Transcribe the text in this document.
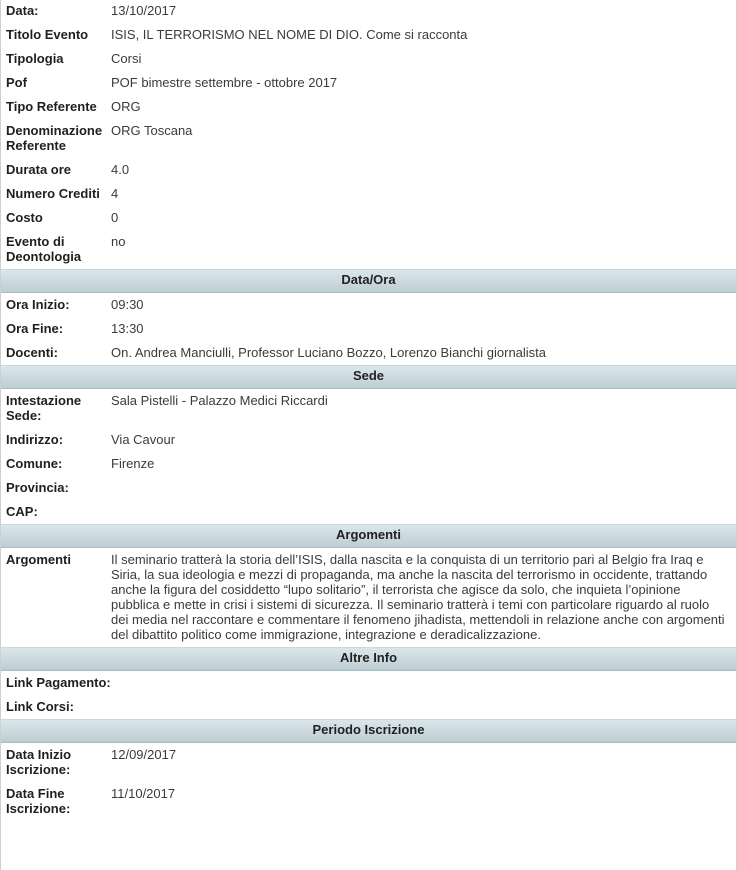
Data:	13/10/2017
Titolo Evento	ISIS, IL TERRORISMO NEL NOME DI DIO. Come si racconta
Tipologia	Corsi
Pof	POF bimestre settembre - ottobre 2017
Tipo Referente	ORG
Denominazione Referente	ORG Toscana
Durata ore	4.0
Numero Crediti	4
Costo	0
Evento di Deontologia	no
Data/Ora	
Ora Inizio:	09:30
Ora Fine:	13:30
Docenti:	On. Andrea Manciulli, Professor Luciano Bozzo, Lorenzo Bianchi giornalista
Sede	
Intestazione Sede:	Sala Pistelli - Palazzo Medici Riccardi
Indirizzo:	Via Cavour
Comune:	Firenze
Provincia:	
CAP:	
Argomenti	
Argomenti	Il seminario tratterà la storia dell’ISIS, dalla nascita e la conquista di un territorio pari al Belgio fra Iraq e Siria, la sua ideologia e mezzi di propaganda, ma anche la nascita del terrorismo in occidente, trattando anche la figura del cosiddetto “lupo solitario”, il terrorista che agisce da solo, che inquieta l’opinione pubblica e mette in crisi i sistemi di sicurezza. Il seminario tratterà i temi con particolare riguardo al ruolo dei media nel raccontare e commentare il fenomeno jihadista, mettendoli in relazione anche con argomenti del dibattito politico come immigrazione, integrazione e deradicalizzazione.
Altre Info	
Link Pagamento:	
Link Corsi:	
Periodo Iscrizione	
Data Inizio Iscrizione:	12/09/2017
Data Fine Iscrizione:	11/10/2017
